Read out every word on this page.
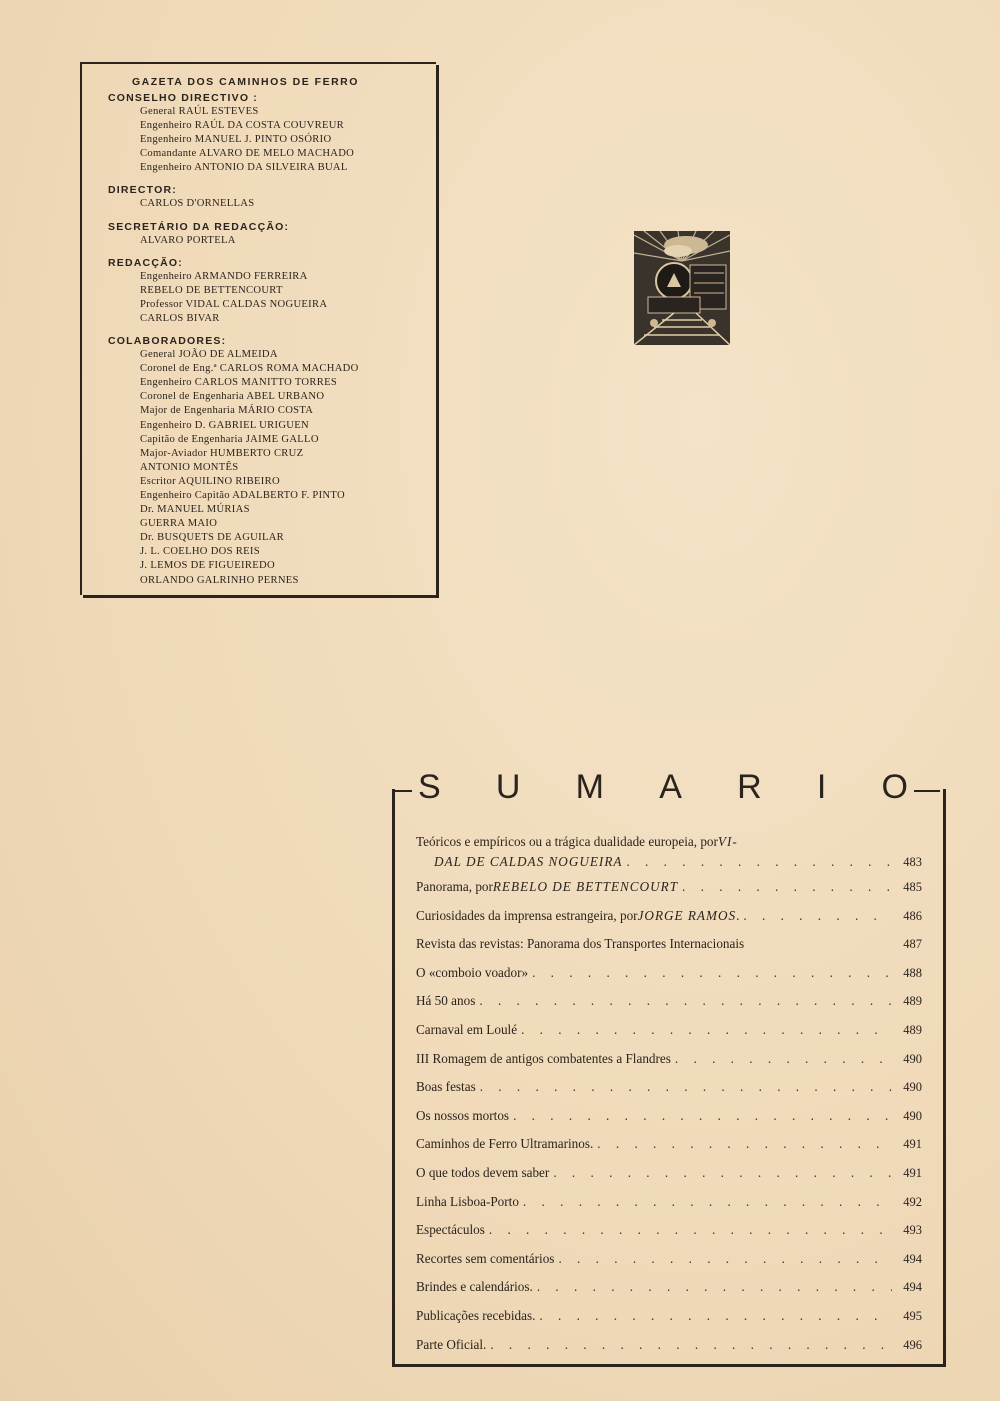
GAZETA DOS CAMINHOS DE FERRO

CONSELHO DIRECTIVO :

General RAÚL ESTEVES
Engenheiro RAÚL DA COSTA COUVREUR
Engenheiro MANUEL J. PINTO OSÓRIO
Comandante ALVARO DE MELO MACHADO
Engenheiro ANTONIO DA SILVEIRA BUAL

DIRECTOR:

CARLOS D'ORNELLAS

SECRETÁRIO DA REDACÇÃO:

ALVARO PORTELA

REDACÇÃO:

Engenheiro ARMANDO FERREIRA
REBELO DE BETTENCOURT
Professor VIDAL CALDAS NOGUEIRA
CARLOS BIVAR

COLABORADORES:

General JOÃO DE ALMEIDA
Coronel de Eng.ª CARLOS ROMA MACHADO
Engenheiro CARLOS MANITTO TORRES
Coronel de Engenharia ABEL URBANO
Major de Engenharia MÁRIO COSTA
Engenheiro D. GABRIEL URIGUEN
Capitão de Engenharia JAIME GALLO
Major-Aviador HUMBERTO CRUZ
ANTONIO MONTÊS
Escritor AQUILINO RIBEIRO
Engenheiro Capitão ADALBERTO F. PINTO
Dr. MANUEL MÚRIAS
GUERRA MAIO
Dr. BUSQUETS DE AGUILAR
J. L. COELHO DOS REIS
J. LEMOS DE FIGUEIREDO
ORLANDO GALRINHO PERNES
S U M A R I O
Teóricos e empíricos ou a trágica dualidade europeia, por VI-
DAL DE CALDAS NOGUEIRA . . .	483
Panorama, por REBELO DE BETTENCOURT . . .	485
Curiosidades da imprensa estrangeira, por JORGE RAMOS . . . .	486
Revista das revistas: Panorama dos Transportes Internacionais	487
O «comboio voador» . . .	488
Há 50 anos . . .	489
Carnaval em Loulé . . .	489
III Romagem de antigos combatentes a Flandres . . .	490
Boas festas . . .	490
Os nossos mortos . . .	490
Caminhos de Ferro Ultramarinos. . . .	491
O que todos devem saber . . .	491
Linha Lisboa-Porto . . .	492
Espectáculos . . .	493
Recortes sem comentários . . .	494
Brindes e calendários. . . .	494
Publicações recebidas. . . .	495
Parte Oficial. . . .	496
